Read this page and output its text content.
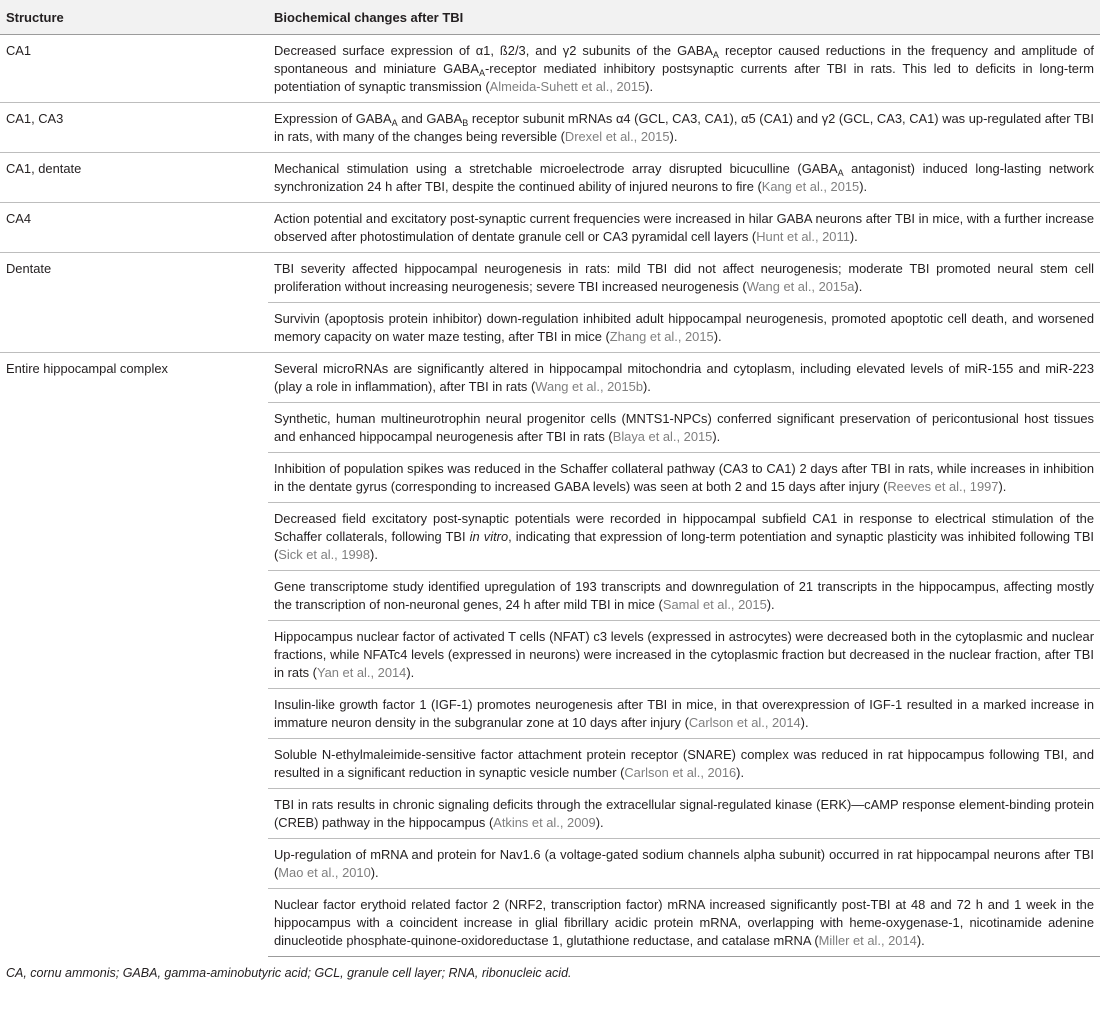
Structure	Biochemical changes after TBI
CA1	Decreased surface expression of α1, ß2/3, and γ2 subunits of the $GABA_A$ receptor caused reductions in the frequency and amplitude of spontaneous and miniature $GABA_A$-receptor mediated inhibitory postsynaptic currents after TBI in rats. This led to deficits in long-term potentiation of synaptic transmission (Almeida-Suhett et al., 2015).

CA1, CA3	Expression of $GABA_A$ and $GABA_B$ receptor subunit mRNAs α4 (GCL, CA3, CA1), α5 (CA1) and γ2 (GCL, CA3, CA1) was up-regulated after TBI in rats, with many of the changes being reversible (Drexel et al., 2015).

CA1, dentate	Mechanical stimulation using a stretchable microelectrode array disrupted bicuculline ($GABA_A$ antagonist) induced long-lasting network synchronization 24 h after TBI, despite the continued ability of injured neurons to fire (Kang et al., 2015).

CA4	Action potential and excitatory post-synaptic current frequencies were increased in hilar GABA neurons after TBI in mice, with a further increase observed after photostimulation of dentate granule cell or CA3 pyramidal cell layers (Hunt et al., 2011).

Dentate	TBI severity affected hippocampal neurogenesis in rats: mild TBI did not affect neurogenesis; moderate TBI promoted neural stem cell proliferation without increasing neurogenesis; severe TBI increased neurogenesis (Wang et al., 2015a).

	Survivin (apoptosis protein inhibitor) down-regulation inhibited adult hippocampal neurogenesis, promoted apoptotic cell death, and worsened memory capacity on water maze testing, after TBI in mice (Zhang et al., 2015).

Entire hippocampal complex	Several microRNAs are significantly altered in hippocampal mitochondria and cytoplasm, including elevated levels of miR-155 and miR-223 (play a role in inflammation), after TBI in rats (Wang et al., 2015b).

	Synthetic, human multineurotrophin neural progenitor cells (MNTS1-NPCs) conferred significant preservation of pericontusional host tissues and enhanced hippocampal neurogenesis after TBI in rats (Blaya et al., 2015).

	Inhibition of population spikes was reduced in the Schaffer collateral pathway (CA3 to CA1) 2 days after TBI in rats, while increases in inhibition in the dentate gyrus (corresponding to increased GABA levels) was seen at both 2 and 15 days after injury (Reeves et al., 1997).

	Decreased field excitatory post-synaptic potentials were recorded in hippocampal subfield CA1 in response to electrical stimulation of the Schaffer collaterals, following TBI in vitro, indicating that expression of long-term potentiation and synaptic plasticity was inhibited following TBI (Sick et al., 1998).

	Gene transcriptome study identified upregulation of 193 transcripts and downregulation of 21 transcripts in the hippocampus, affecting mostly the transcription of non-neuronal genes, 24 h after mild TBI in mice (Samal et al., 2015).

	Hippocampus nuclear factor of activated T cells (NFAT) c3 levels (expressed in astrocytes) were decreased both in the cytoplasmic and nuclear fractions, while NFATc4 levels (expressed in neurons) were increased in the cytoplasmic fraction but decreased in the nuclear fraction, after TBI in rats (Yan et al., 2014).

	Insulin-like growth factor 1 (IGF-1) promotes neurogenesis after TBI in mice, in that overexpression of IGF-1 resulted in a marked increase in immature neuron density in the subgranular zone at 10 days after injury (Carlson et al., 2014).

	Soluble N-ethylmaleimide-sensitive factor attachment protein receptor (SNARE) complex was reduced in rat hippocampus following TBI, and resulted in a significant reduction in synaptic vesicle number (Carlson et al., 2016).

	TBI in rats results in chronic signaling deficits through the extracellular signal-regulated kinase (ERK)—cAMP response element-binding protein (CREB) pathway in the hippocampus (Atkins et al., 2009).

	Up-regulation of mRNA and protein for Nav1.6 (a voltage-gated sodium channels alpha subunit) occurred in rat hippocampal neurons after TBI (Mao et al., 2010).

	Nuclear factor erythoid related factor 2 (NRF2, transcription factor) mRNA increased significantly post-TBI at 48 and 72 h and 1 week in the hippocampus with a coincident increase in glial fibrillary acidic protein mRNA, overlapping with heme-oxygenase-1, nicotinamide adenine dinucleotide phosphate-quinone-oxidoreductase 1, glutathione reductase, and catalase mRNA (Miller et al., 2014).

CA, cornu ammonis; GABA, gamma-aminobutyric acid; GCL, granule cell layer; RNA, ribonucleic acid.
